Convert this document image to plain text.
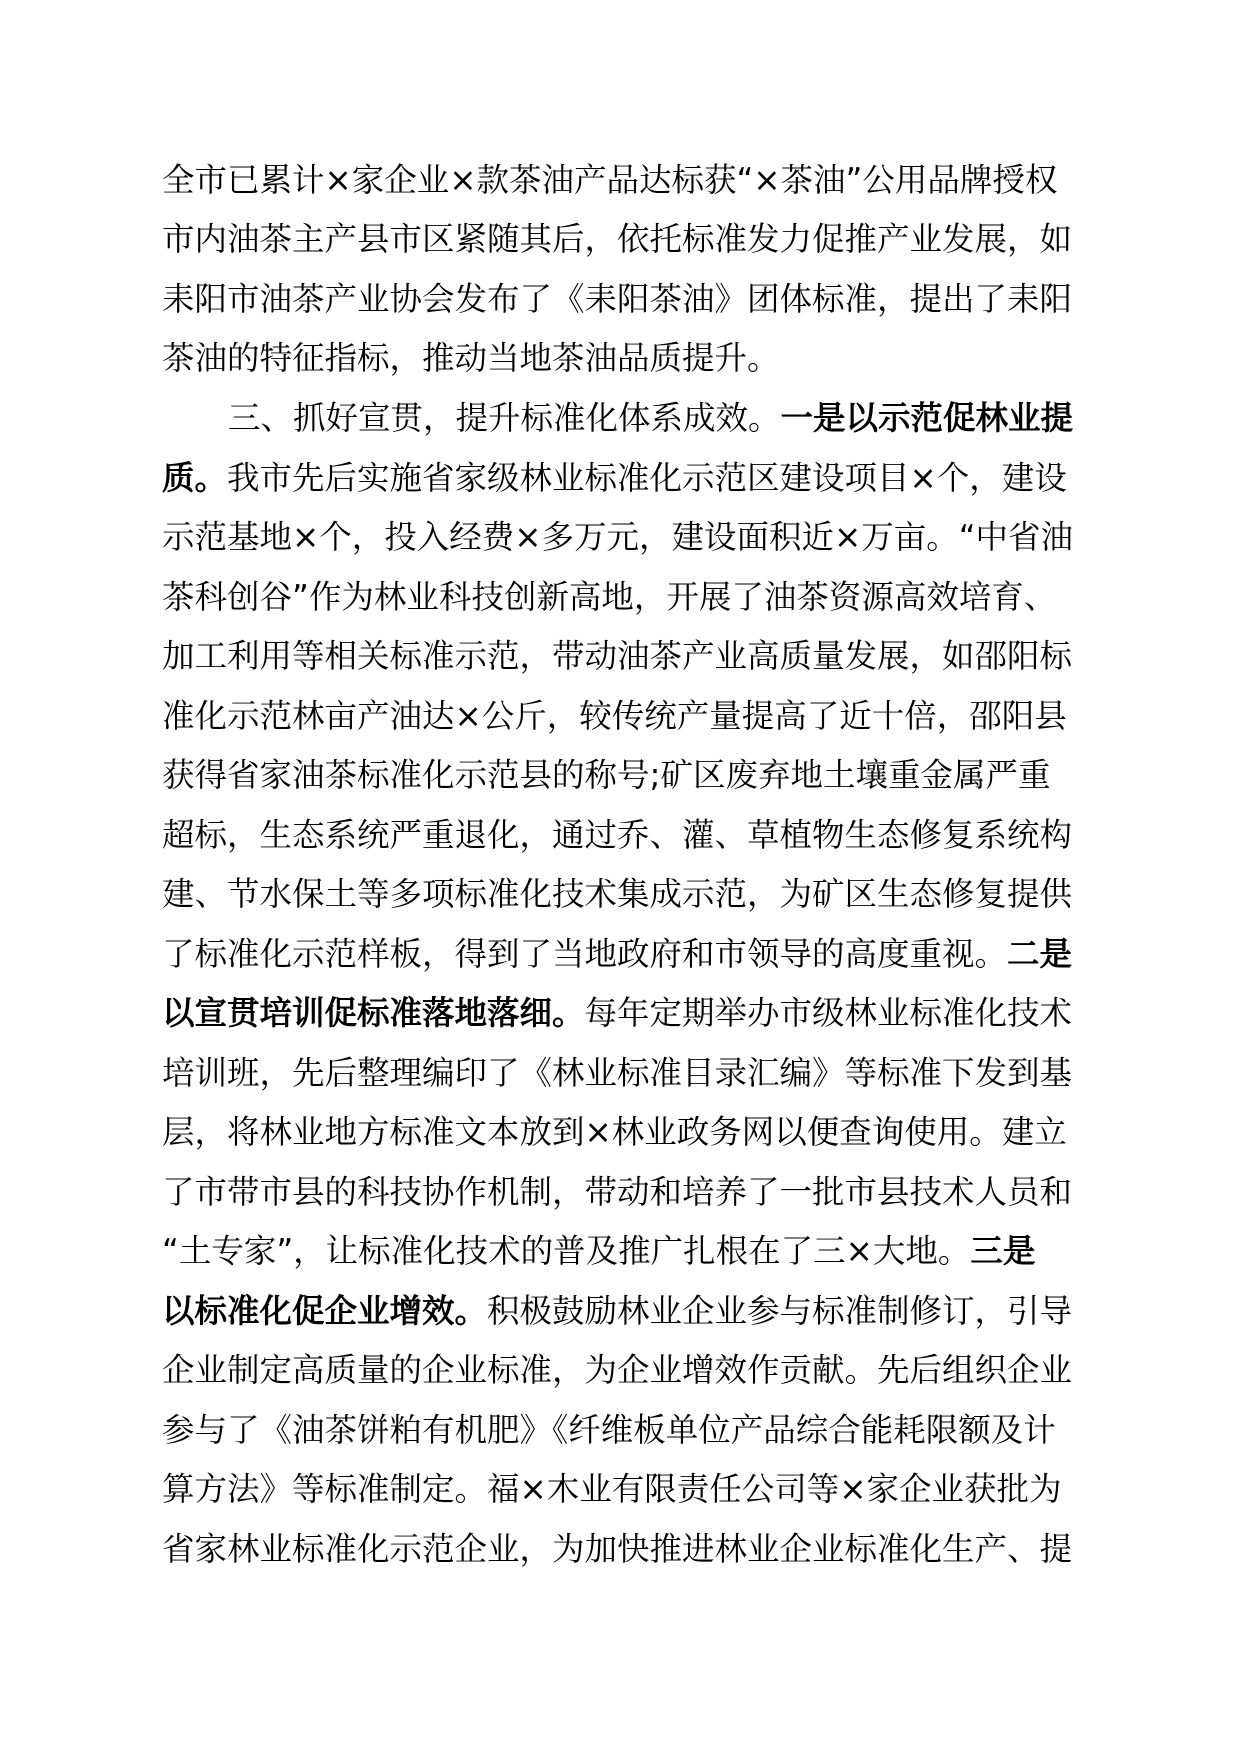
全市已累计×家企业×款茶油产品达标获“×茶油”公用品牌授权
市内油茶主产县市区紧随其后，依托标准发力促推产业发展，如
耒阳市油茶产业协会发布了《耒阳茶油》团体标准，提出了耒阳
茶油的特征指标，推动当地茶油品质提升。
三、抓好宣贯，提升标准化体系成效。一是以示范促林业提
质。我市先后实施省家级林业标准化示范区建设项目×个，建设
示范基地×个，投入经费×多万元，建设面积近×万亩。“中省油
茶科创谷”作为林业科技创新高地，开展了油茶资源高效培育、
加工利用等相关标准示范，带动油茶产业高质量发展，如邵阳标
准化示范林亩产油达×公斤，较传统产量提高了近十倍，邵阳县
获得省家油茶标准化示范县的称号;矿区废弃地土壤重金属严重
超标，生态系统严重退化，通过乔、灌、草植物生态修复系统构
建、节水保土等多项标准化技术集成示范，为矿区生态修复提供
了标准化示范样板，得到了当地政府和市领导的高度重视。二是
以宣贯培训促标准落地落细。每年定期举办市级林业标准化技术
培训班，先后整理编印了《林业标准目录汇编》等标准下发到基
层，将林业地方标准文本放到×林业政务网以便查询使用。建立
了市带市县的科技协作机制，带动和培养了一批市县技术人员和
“土专家”，让标准化技术的普及推广扎根在了三×大地。三是
以标准化促企业增效。积极鼓励林业企业参与标准制修订，引导
企业制定高质量的企业标准，为企业增效作贡献。先后组织企业
参与了《油茶饼粕有机肥》《纤维板单位产品综合能耗限额及计
算方法》等标准制定。福×木业有限责任公司等×家企业获批为
省家林业标准化示范企业，为加快推进林业企业标准化生产、提
